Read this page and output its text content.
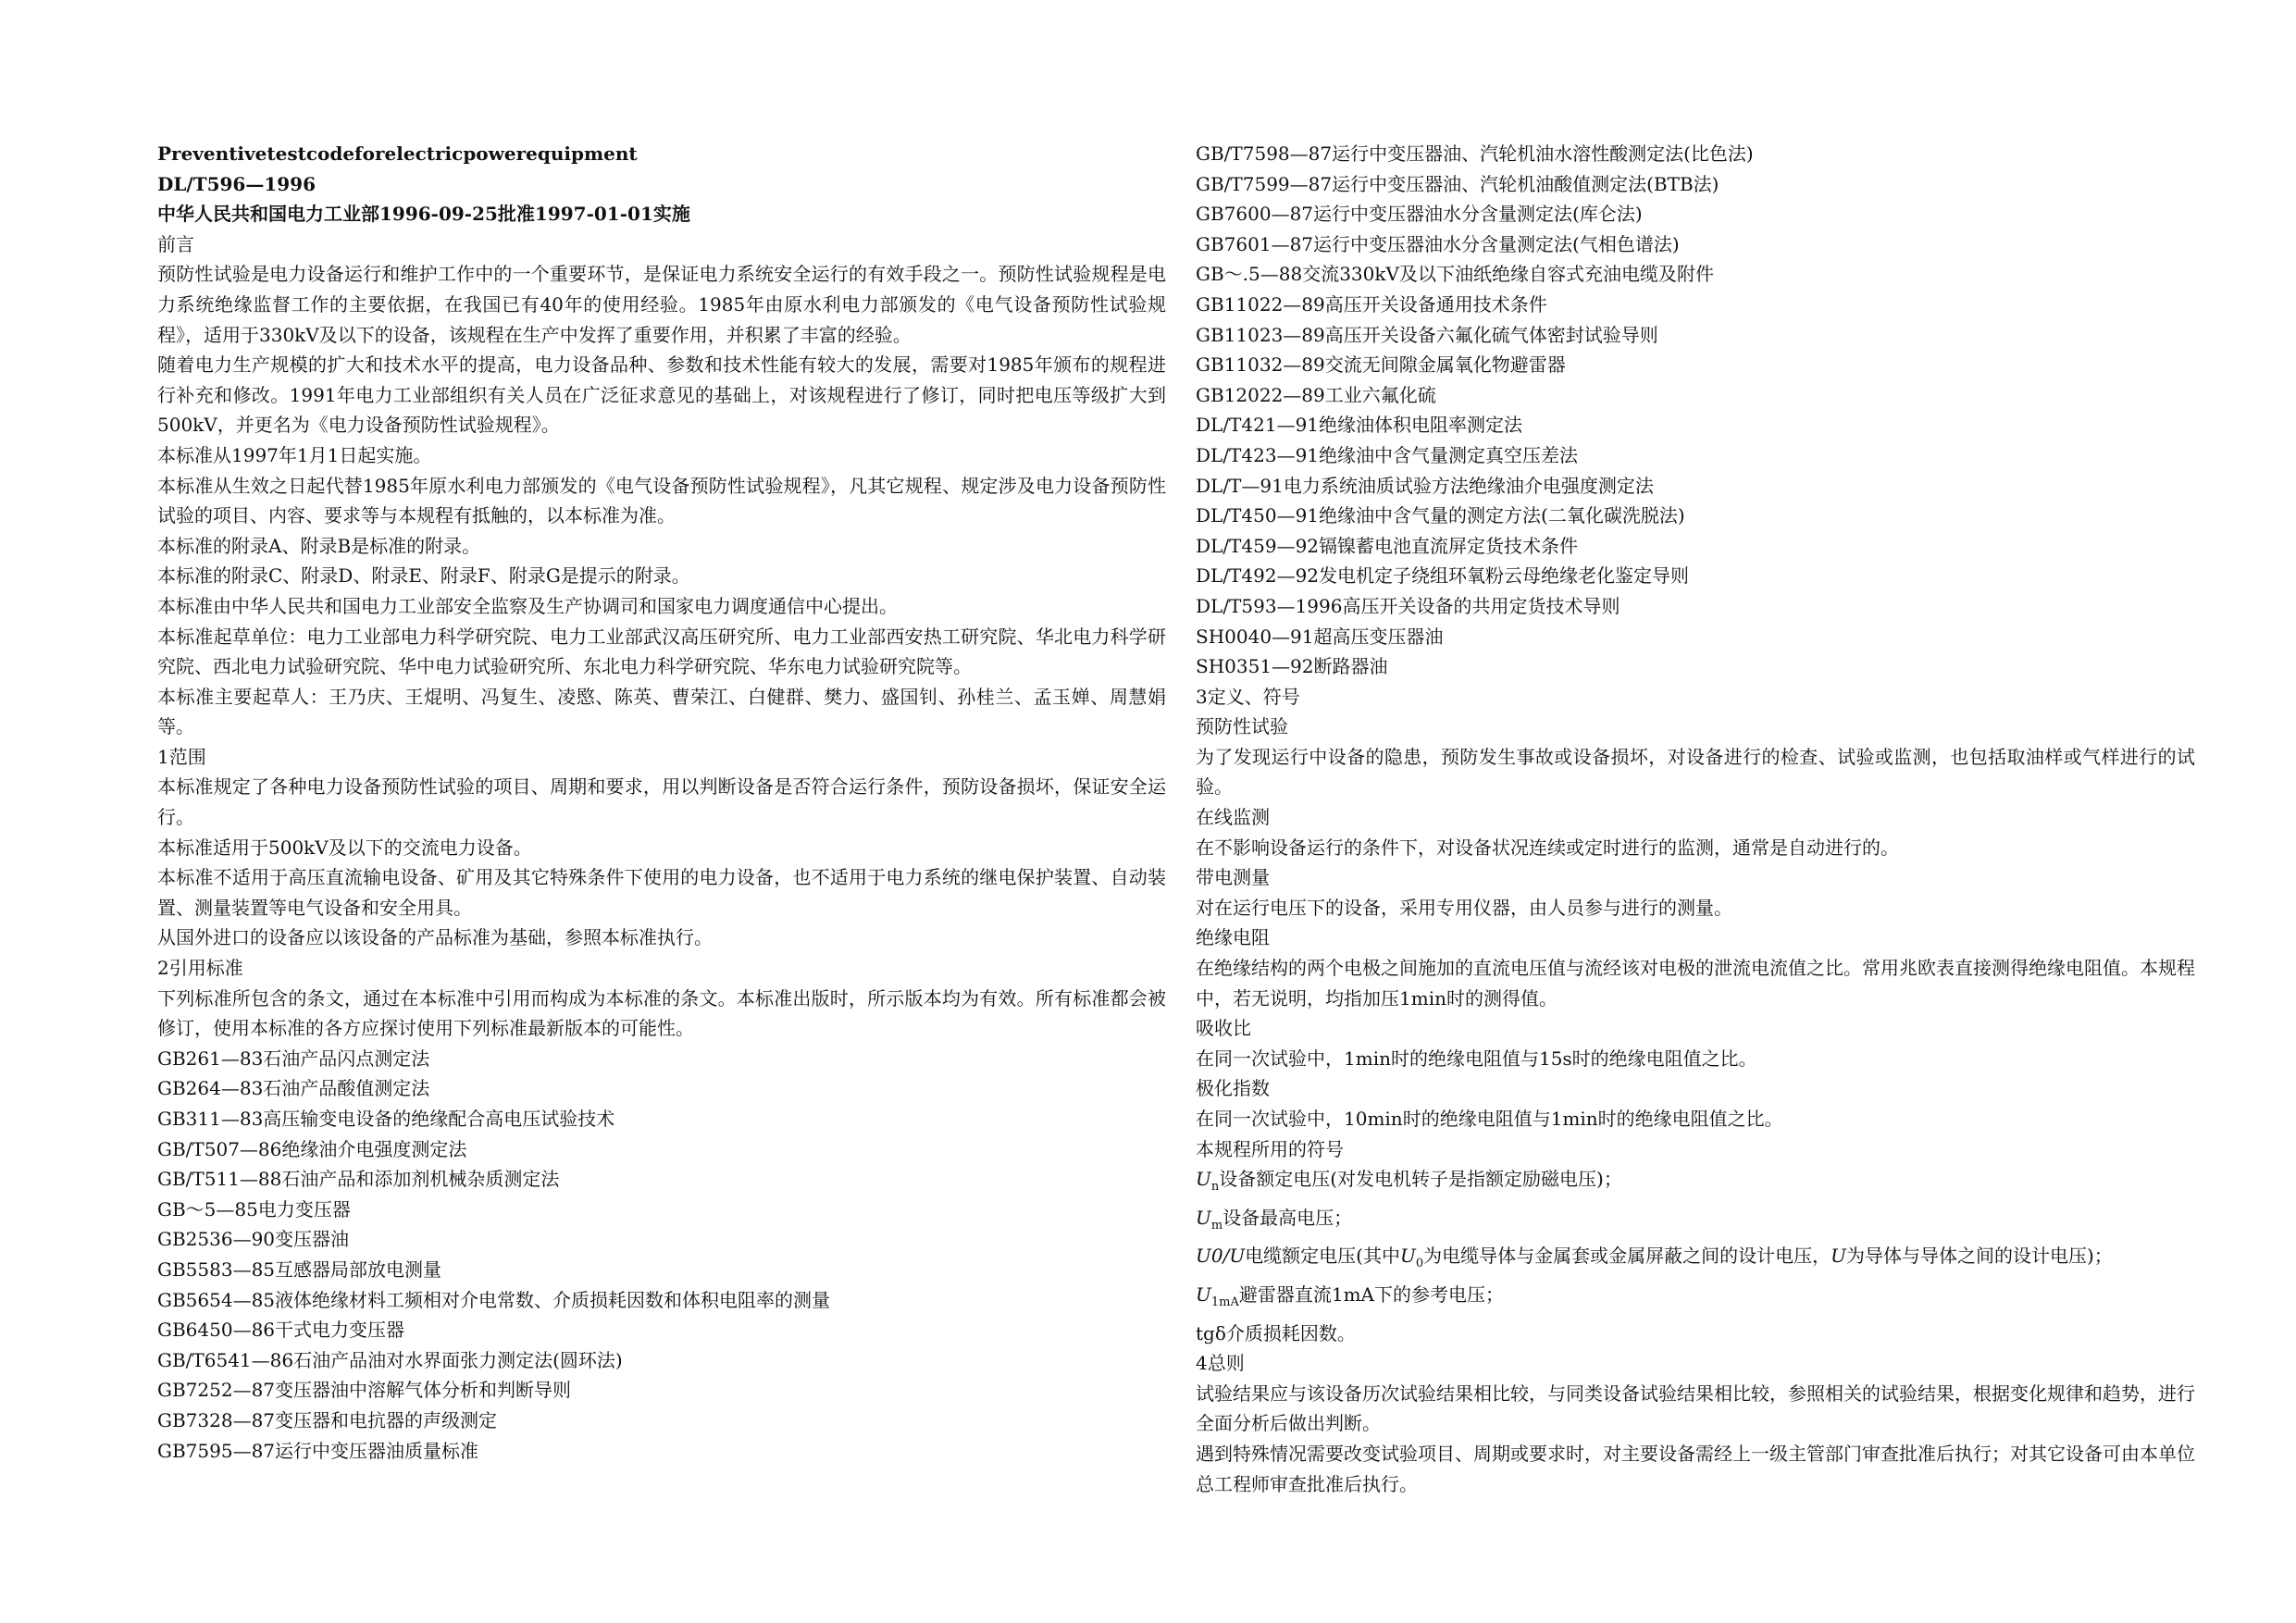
Preventivetestcodeforelectricpowerequipment
DL/T596—1996
中华人民共和国电力工业部1996-09-25批准1997-01-01实施
前言
预防性试验是电力设备运行和维护工作中的一个重要环节，是保证电力系统安全运行的有效手段之一。预防性试验规程是电力系统绝缘监督工作的主要依据，在我国已有40年的使用经验。1985年由原水利电力部颁发的《电气设备预防性试验规程》，适用于330kV及以下的设备，该规程在生产中发挥了重要作用，并积累了丰富的经验。
随着电力生产规模的扩大和技术水平的提高，电力设备品种、参数和技术性能有较大的发展，需要对1985年颁布的规程进行补充和修改。1991年电力工业部组织有关人员在广泛征求意见的基础上，对该规程进行了修订，同时把电压等级扩大到500kV，并更名为《电力设备预防性试验规程》。
本标准从1997年1月1日起实施。
本标准从生效之日起代替1985年原水利电力部颁发的《电气设备预防性试验规程》，凡其它规程、规定涉及电力设备预防性试验的项目、内容、要求等与本规程有抵触的，以本标准为准。
本标准的附录A、附录B是标准的附录。
本标准的附录C、附录D、附录E、附录F、附录G是提示的附录。
本标准由中华人民共和国电力工业部安全监察及生产协调司和国家电力调度通信中心提出。
本标准起草单位：电力工业部电力科学研究院、电力工业部武汉高压研究所、电力工业部西安热工研究院、华北电力科学研究院、西北电力试验研究院、华中电力试验研究所、东北电力科学研究院、华东电力试验研究院等。
本标准主要起草人：王乃庆、王焜明、冯复生、凌愍、陈英、曹荣江、白健群、樊力、盛国钊、孙桂兰、孟玉婵、周慧娟等。
1范围
本标准规定了各种电力设备预防性试验的项目、周期和要求，用以判断设备是否符合运行条件，预防设备损坏，保证安全运行。
本标准适用于500kV及以下的交流电力设备。
本标准不适用于高压直流输电设备、矿用及其它特殊条件下使用的电力设备，也不适用于电力系统的继电保护装置、自动装置、测量装置等电气设备和安全用具。
从国外进口的设备应以该设备的产品标准为基础，参照本标准执行。
2引用标准
下列标准所包含的条文，通过在本标准中引用而构成为本标准的条文。本标准出版时，所示版本均为有效。所有标准都会被修订，使用本标准的各方应探讨使用下列标准最新版本的可能性。
GB261—83石油产品闪点测定法
GB264—83石油产品酸值测定法
GB311—83高压输变电设备的绝缘配合高电压试验技术
GB/T507—86绝缘油介电强度测定法
GB/T511—88石油产品和添加剂机械杂质测定法
GB～5—85电力变压器
GB2536—90变压器油
GB5583—85互感器局部放电测量
GB5654—85液体绝缘材料工频相对介电常数、介质损耗因数和体积电阻率的测量
GB6450—86干式电力变压器
GB/T6541—86石油产品油对水界面张力测定法(圆环法)
GB7252—87变压器油中溶解气体分析和判断导则
GB7328—87变压器和电抗器的声级测定
GB7595—87运行中变压器油质量标准
GB/T7598—87运行中变压器油、汽轮机油水溶性酸测定法(比色法)
GB/T7599—87运行中变压器油、汽轮机油酸值测定法(BTB法)
GB7600—87运行中变压器油水分含量测定法(库仑法)
GB7601—87运行中变压器油水分含量测定法(气相色谱法)
GB～.5—88交流330kV及以下油纸绝缘自容式充油电缆及附件
GB11022—89高压开关设备通用技术条件
GB11023—89高压开关设备六氟化硫气体密封试验导则
GB11032—89交流无间隙金属氧化物避雷器
GB12022—89工业六氟化硫
DL/T421—91绝缘油体积电阻率测定法
DL/T423—91绝缘油中含气量测定真空压差法
DL/T—91电力系统油质试验方法绝缘油介电强度测定法
DL/T450—91绝缘油中含气量的测定方法(二氧化碳洗脱法)
DL/T459—92镉镍蓄电池直流屏定货技术条件
DL/T492—92发电机定子绕组环氧粉云母绝缘老化鉴定导则
DL/T593—1996高压开关设备的共用定货技术导则
SH0040—91超高压变压器油
SH0351—92断路器油
3定义、符号
预防性试验
为了发现运行中设备的隐患，预防发生事故或设备损坏，对设备进行的检查、试验或监测，也包括取油样或气样进行的试验。
在线监测
在不影响设备运行的条件下，对设备状况连续或定时进行的监测，通常是自动进行的。
带电测量
对在运行电压下的设备，采用专用仪器，由人员参与进行的测量。
绝缘电阻
在绝缘结构的两个电极之间施加的直流电压值与流经该对电极的泄流电流值之比。常用兆欧表直接测得绝缘电阻值。本规程中，若无说明，均指加压1min时的测得值。
吸收比
在同一次试验中，1min时的绝缘电阻值与15s时的绝缘电阻值之比。
极化指数
在同一次试验中，10min时的绝缘电阻值与1min时的绝缘电阻值之比。
本规程所用的符号
$U_n$设备额定电压(对发电机转子是指额定励磁电压)；
$U_m$设备最高电压；
U0/U电缆额定电压(其中$U_0$为电缆导体与金属套或金属屏蔽之间的设计电压，U为导体与导体之间的设计电压)；
$U_{1mA}$避雷器直流1mA下的参考电压；
tgδ介质损耗因数。
4总则
试验结果应与该设备历次试验结果相比较，与同类设备试验结果相比较，参照相关的试验结果，根据变化规律和趋势，进行全面分析后做出判断。
遇到特殊情况需要改变试验项目、周期或要求时，对主要设备需经上一级主管部门审查批准后执行；对其它设备可由本单位总工程师审查批准后执行。
